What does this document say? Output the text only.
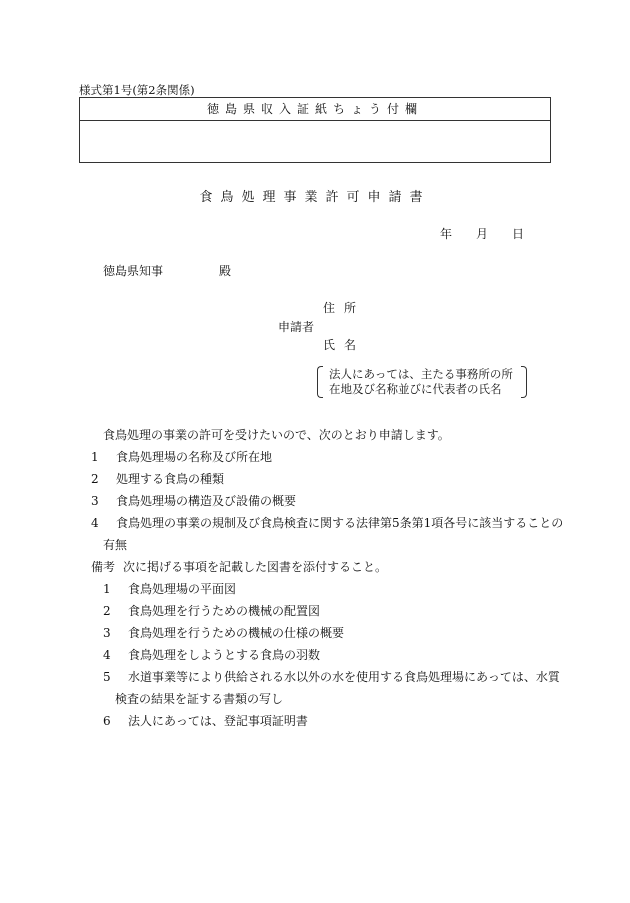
様式第1号(第2条関係)
徳島県収入証紙ちょう付欄
食鳥処理事業許可申請書
年 月 日
徳島県知事	殿
住所
申請者
氏名
法人にあっては、主たる事務所の所
在地及び名称並びに代表者の氏名
食鳥処理の事業の許可を受けたいので、次のとおり申請します。
1 食鳥処理場の名称及び所在地
2 処理する食鳥の種類
3 食鳥処理場の構造及び設備の概要
4 食鳥処理の事業の規制及び食鳥検査に関する法律第5条第1項各号に該当することの
有無
備考 次に掲げる事項を記載した図書を添付すること。
1 食鳥処理場の平面図
2 食鳥処理を行うための機械の配置図
3 食鳥処理を行うための機械の仕様の概要
4 食鳥処理をしようとする食鳥の羽数
5 水道事業等により供給される水以外の水を使用する食鳥処理場にあっては、水質
検査の結果を証する書類の写し
6 法人にあっては、登記事項証明書
